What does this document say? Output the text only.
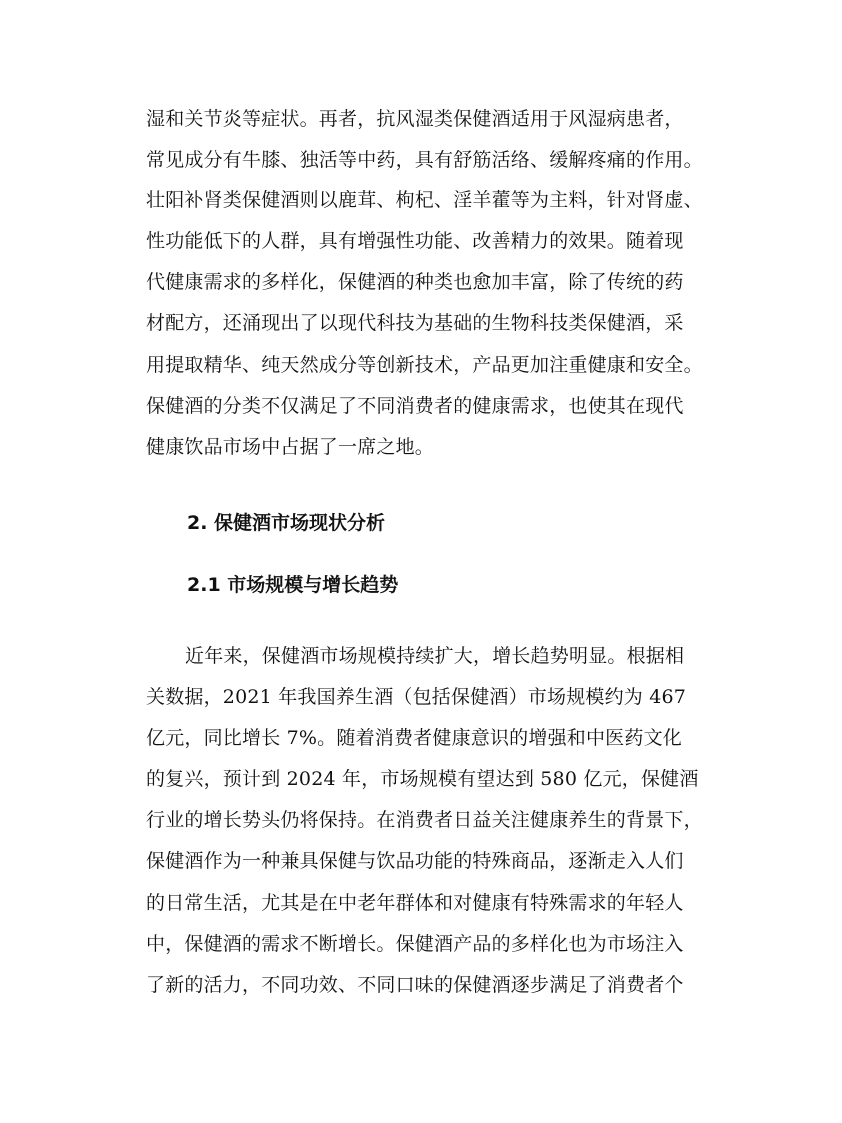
湿和关节炎等症状。再者，抗风湿类保健酒适用于风湿病患者，
常见成分有牛膝、独活等中药，具有舒筋活络、缓解疼痛的作用。
壮阳补肾类保健酒则以鹿茸、枸杞、淫羊藿等为主料，针对肾虚、
性功能低下的人群，具有增强性功能、改善精力的效果。随着现
代健康需求的多样化，保健酒的种类也愈加丰富，除了传统的药
材配方，还涌现出了以现代科技为基础的生物科技类保健酒，采
用提取精华、纯天然成分等创新技术，产品更加注重健康和安全。
保健酒的分类不仅满足了不同消费者的健康需求，也使其在现代
健康饮品市场中占据了一席之地。
2. 保健酒市场现状分析
2.1 市场规模与增长趋势
近年来，保健酒市场规模持续扩大，增长趋势明显。根据相
关数据，2021 年我国养生酒（包括保健酒）市场规模约为 467
亿元，同比增长 7%。随着消费者健康意识的增强和中医药文化
的复兴，预计到 2024 年，市场规模有望达到 580 亿元，保健酒
行业的增长势头仍将保持。在消费者日益关注健康养生的背景下，
保健酒作为一种兼具保健与饮品功能的特殊商品，逐渐走入人们
的日常生活，尤其是在中老年群体和对健康有特殊需求的年轻人
中，保健酒的需求不断增长。保健酒产品的多样化也为市场注入
了新的活力，不同功效、不同口味的保健酒逐步满足了消费者个
